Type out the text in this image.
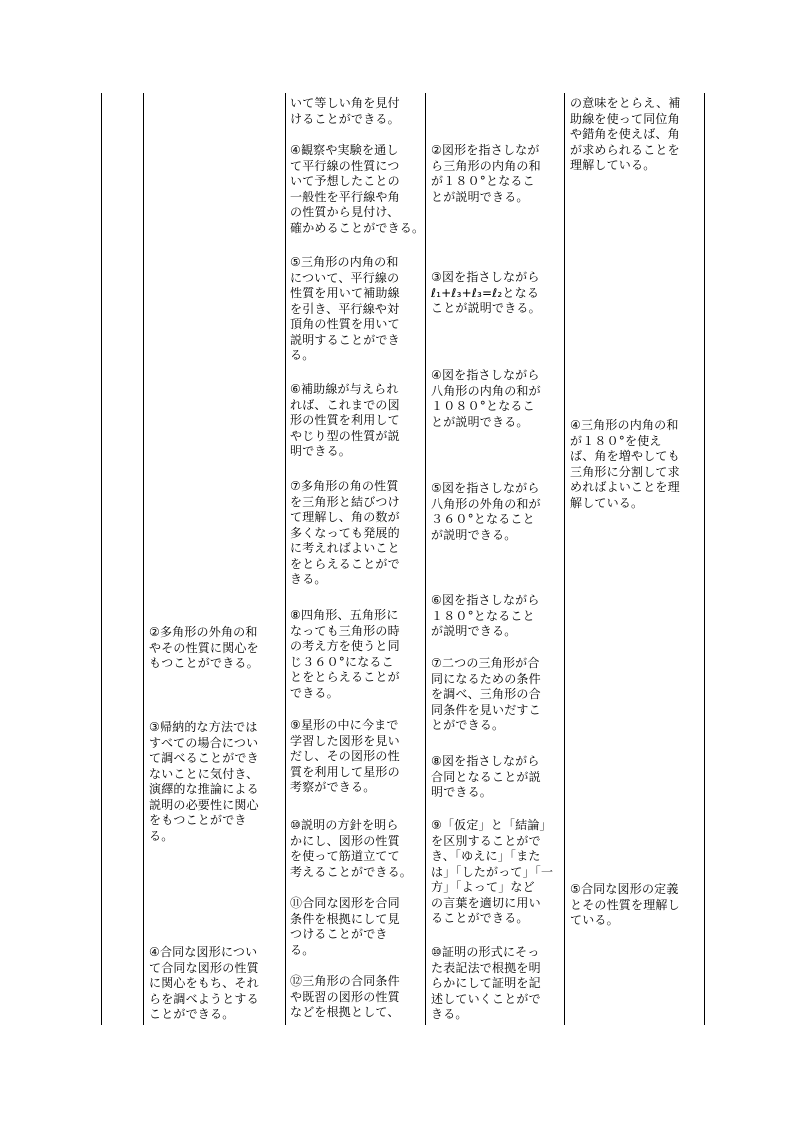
②多角形の外角の和
やその性質に関心を
もつことができる。
③帰納的な方法では
すべての場合につい
て調べることができ
ないことに気付き、
演繹的な推論による
説明の必要性に関心
をもつことができ
る。
④合同な図形につい
て合同な図形の性質
に関心をもち、それ
らを調べようとする
ことができる。
いて等しい角を見付
けることができる。
④観察や実験を通し
て平行線の性質につ
いて予想したことの
一般性を平行線や角
の性質から見付け、
確かめることができる。
⑤三角形の内角の和
について、平行線の
性質を用いて補助線
を引き、平行線や対
頂角の性質を用いて
説明することができ
る。
⑥補助線が与えられ
れば、これまでの図
形の性質を利用して
やじり型の性質が説
明できる。
⑦多角形の角の性質
を三角形と結びつけ
て理解し、角の数が
多くなっても発展的
に考えればよいこと
をとらえることがで
きる。
⑧四角形、五角形に
なっても三角形の時
の考え方を使うと同
じ３６０°になるこ
とをとらえることが
できる。
⑨星形の中に今まで
学習した図形を見い
だし、その図形の性
質を利用して星形の
考察ができる。
⑩説明の方針を明ら
かにし、図形の性質
を使って筋道立てて
考えることができる。
⑪合同な図形を合同
条件を根拠にして見
つけることができ
る。
⑫三角形の合同条件
や既習の図形の性質
などを根拠として、
②図形を指さしなが
ら三角形の内角の和
が１８０°となるこ
とが説明できる。
③図を指さしながら
ℓ₁+ℓ₃+ℓ₃=ℓ₂となる
ことが説明できる。
④図を指さしながら
八角形の内角の和が
１０８０°となるこ
とが説明できる。
⑤図を指さしながら
八角形の外角の和が
３６０°となること
が説明できる。
⑥図を指さしながら
１８０°となること
が説明できる。
⑦二つの三角形が合
同になるための条件
を調べ、三角形の合
同条件を見いだすこ
とができる。
⑧図を指さしながら
合同となることが説
明できる。
⑨「仮定」と「結論」
を区別することがで
き、「ゆえに」「また
は」「したがって」「一
方」「よって」など
の言葉を適切に用い
ることができる。
⑩証明の形式にそっ
た表記法で根拠を明
らかにして証明を記
述していくことがで
きる。
の意味をとらえ、補
助線を使って同位角
や錯角を使えば、角
が求められることを
理解している。
④三角形の内角の和
が１８０°を使え
ば、角を増やしても
三角形に分割して求
めればよいことを理
解している。
⑤合同な図形の定義
とその性質を理解し
ている。
